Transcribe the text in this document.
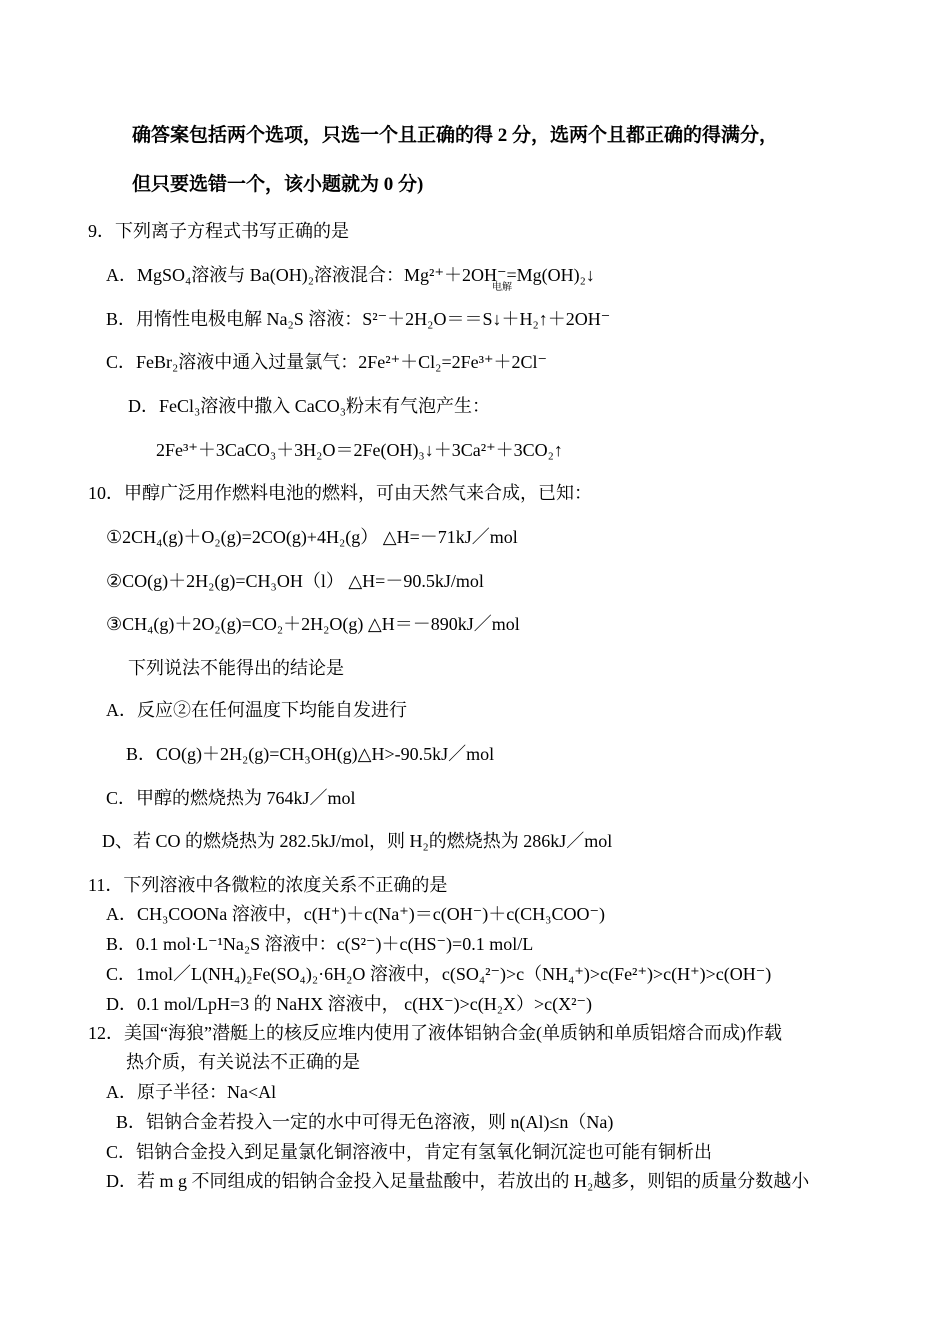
确答案包括两个选项，只选一个且正确的得 2 分，选两个且都正确的得满分，
但只要选错一个，该小题就为 0 分)
9．下列离子方程式书写正确的是
A．MgSO₄溶液与 Ba(OH)₂溶液混合：Mg²⁺＋2OH⁻=Mg(OH)₂↓
电解
B．用惰性电极电解 Na₂S 溶液：S²⁻＋2H₂O＝＝S↓＋H₂↑＋2OH⁻
C．FeBr₂溶液中通入过量氯气：2Fe²⁺＋Cl₂=2Fe³⁺＋2Cl⁻
D．FeCl₃溶液中撒入 CaCO₃粉末有气泡产生：
2Fe³⁺＋3CaCO₃＋3H₂O＝2Fe(OH)₃↓＋3Ca²⁺＋3CO₂↑
10．甲醇广泛用作燃料电池的燃料，可由天然气来合成，已知：
①2CH₄(g)＋O₂(g)=2CO(g)+4H₂(g） △H=－71kJ／mol
②CO(g)＋2H₂(g)=CH₃OH（l） △H=－90.5kJ/mol
③CH₄(g)＋2O₂(g)=CO₂＋2H₂O(g) △H＝－890kJ／mol
下列说法不能得出的结论是
A．反应②在任何温度下均能自发进行
B．CO(g)＋2H₂(g)=CH₃OH(g)△H>-90.5kJ／mol
C．甲醇的燃烧热为 764kJ／mol
D、若 CO 的燃烧热为 282.5kJ/mol，则 H₂的燃烧热为 286kJ／mol
11．下列溶液中各微粒的浓度关系不正确的是
A．CH₃COONa 溶液中，c(H⁺)＋c(Na⁺)＝c(OH⁻)＋c(CH₃COO⁻)
B．0.1 mol·L⁻¹Na₂S 溶液中：c(S²⁻)＋c(HS⁻)=0.1 mol/L
C．1mol／L(NH₄)₂Fe(SO₄)₂·6H₂O 溶液中，c(SO₄²⁻)>c（NH₄⁺)>c(Fe²⁺)>c(H⁺)>c(OH⁻)
D．0.1 mol/LpH=3 的 NaHX 溶液中， c(HX⁻)>c(H₂X）>c(X²⁻)
12．美国“海狼”潜艇上的核反应堆内使用了液体铝钠合金(单质钠和单质铝熔合而成)作载
热介质，有关说法不正确的是
A．原子半径：Na<Al
B．铝钠合金若投入一定的水中可得无色溶液，则 n(Al)≤n（Na)
C．铝钠合金投入到足量氯化铜溶液中，肯定有氢氧化铜沉淀也可能有铜析出
D．若 m g 不同组成的铝钠合金投入足量盐酸中，若放出的 H₂越多，则铝的质量分数越小
